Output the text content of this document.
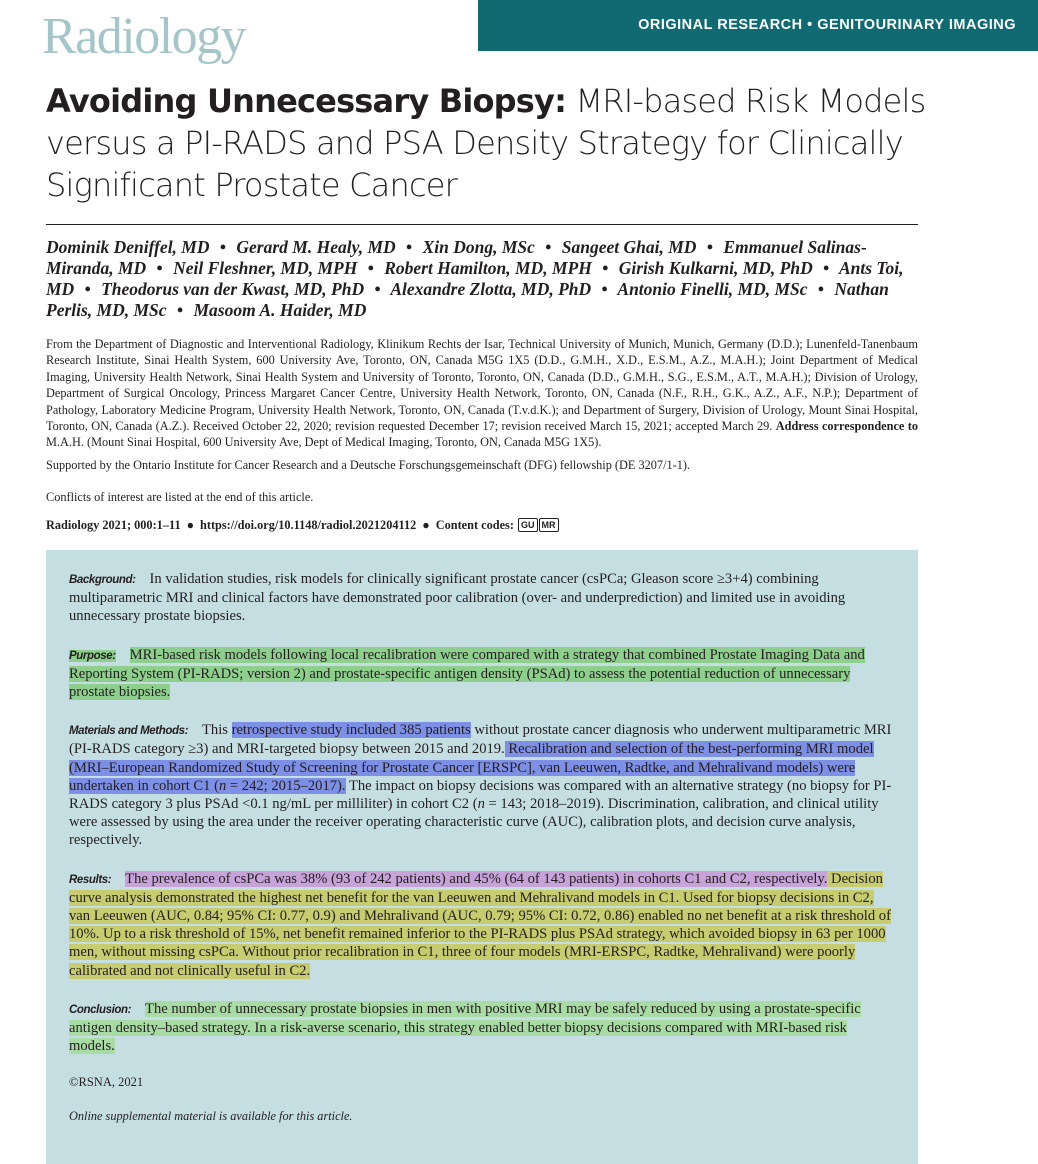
Radiology	ORIGINAL RESEARCH • GENITOURINARY IMAGING
Avoiding Unnecessary Biopsy: MRI-based Risk Models versus a PI-RADS and PSA Density Strategy for Clinically Significant Prostate Cancer
Dominik Deniffel, MD • Gerard M. Healy, MD • Xin Dong, MSc • Sangeet Ghai, MD • Emmanuel Salinas-Miranda, MD • Neil Fleshner, MD, MPH • Robert Hamilton, MD, MPH • Girish Kulkarni, MD, PhD • Ants Toi, MD • Theodorus van der Kwast, MD, PhD • Alexandre Zlotta, MD, PhD • Antonio Finelli, MD, MSc • Nathan Perlis, MD, MSc • Masoom A. Haider, MD

From the Department of Diagnostic and Interventional Radiology, Klinikum Rechts der Isar, Technical University of Munich, Munich, Germany (D.D.); Lunenfeld-Tanenbaum Research Institute, Sinai Health System, 600 University Ave, Toronto, ON, Canada M5G 1X5 (D.D., G.M.H., X.D., E.S.M., A.Z., M.A.H.); Joint Department of Medical Imaging, University Health Network, Sinai Health System and University of Toronto, Toronto, ON, Canada (D.D., G.M.H., S.G., E.S.M., A.T., M.A.H.); Division of Urology, Department of Surgical Oncology, Princess Margaret Cancer Centre, University Health Network, Toronto, ON, Canada (N.F., R.H., G.K., A.Z., A.F., N.P.); Department of Pathology, Laboratory Medicine Program, University Health Network, Toronto, ON, Canada (T.v.d.K.); and Department of Surgery, Division of Urology, Mount Sinai Hospital, Toronto, ON, Canada (A.Z.). Received October 22, 2020; revision requested December 17; revision received March 15, 2021; accepted March 29. Address correspondence to M.A.H. (Mount Sinai Hospital, 600 University Ave, Dept of Medical Imaging, Toronto, ON, Canada M5G 1X5).

Supported by the Ontario Institute for Cancer Research and a Deutsche Forschungsgemeinschaft (DFG) fellowship (DE 3207/1-1).

Conflicts of interest are listed at the end of this article.

Radiology 2021; 000:1–11 ● https://doi.org/10.1148/radiol.2021204112 ● Content codes: GU MR

Background: In validation studies, risk models for clinically significant prostate cancer (csPCa; Gleason score ≥3+4) combining multiparametric MRI and clinical factors have demonstrated poor calibration (over- and underprediction) and limited use in avoiding unnecessary prostate biopsies.

Purpose: MRI-based risk models following local recalibration were compared with a strategy that combined Prostate Imaging Data and Reporting System (PI-RADS; version 2) and prostate-specific antigen density (PSAd) to assess the potential reduction of unnecessary prostate biopsies.

Materials and Methods: This retrospective study included 385 patients without prostate cancer diagnosis who underwent multiparametric MRI (PI-RADS category ≥3) and MRI-targeted biopsy between 2015 and 2019. Recalibration and selection of the best-performing MRI model (MRI–European Randomized Study of Screening for Prostate Cancer [ERSPC], van Leeuwen, Radtke, and Mehralivand models) were undertaken in cohort C1 (n = 242; 2015–2017). The impact on biopsy decisions was compared with an alternative strategy (no biopsy for PI-RADS category 3 plus PSAd <0.1 ng/mL per milliliter) in cohort C2 (n = 143; 2018–2019). Discrimination, calibration, and clinical utility were assessed by using the area under the receiver operating characteristic curve (AUC), calibration plots, and decision curve analysis, respectively.

Results: The prevalence of csPCa was 38% (93 of 242 patients) and 45% (64 of 143 patients) in cohorts C1 and C2, respectively. Decision curve analysis demonstrated the highest net benefit for the van Leeuwen and Mehralivand models in C1. Used for biopsy decisions in C2, van Leeuwen (AUC, 0.84; 95% CI: 0.77, 0.9) and Mehralivand (AUC, 0.79; 95% CI: 0.72, 0.86) enabled no net benefit at a risk threshold of 10%. Up to a risk threshold of 15%, net benefit remained inferior to the PI-RADS plus PSAd strategy, which avoided biopsy in 63 per 1000 men, without missing csPCa. Without prior recalibration in C1, three of four models (MRI-ERSPC, Radtke, Mehralivand) were poorly calibrated and not clinically useful in C2.

Conclusion: The number of unnecessary prostate biopsies in men with positive MRI may be safely reduced by using a prostate-specific antigen density–based strategy. In a risk-averse scenario, this strategy enabled better biopsy decisions compared with MRI-based risk models.

©RSNA, 2021

Online supplemental material is available for this article.
